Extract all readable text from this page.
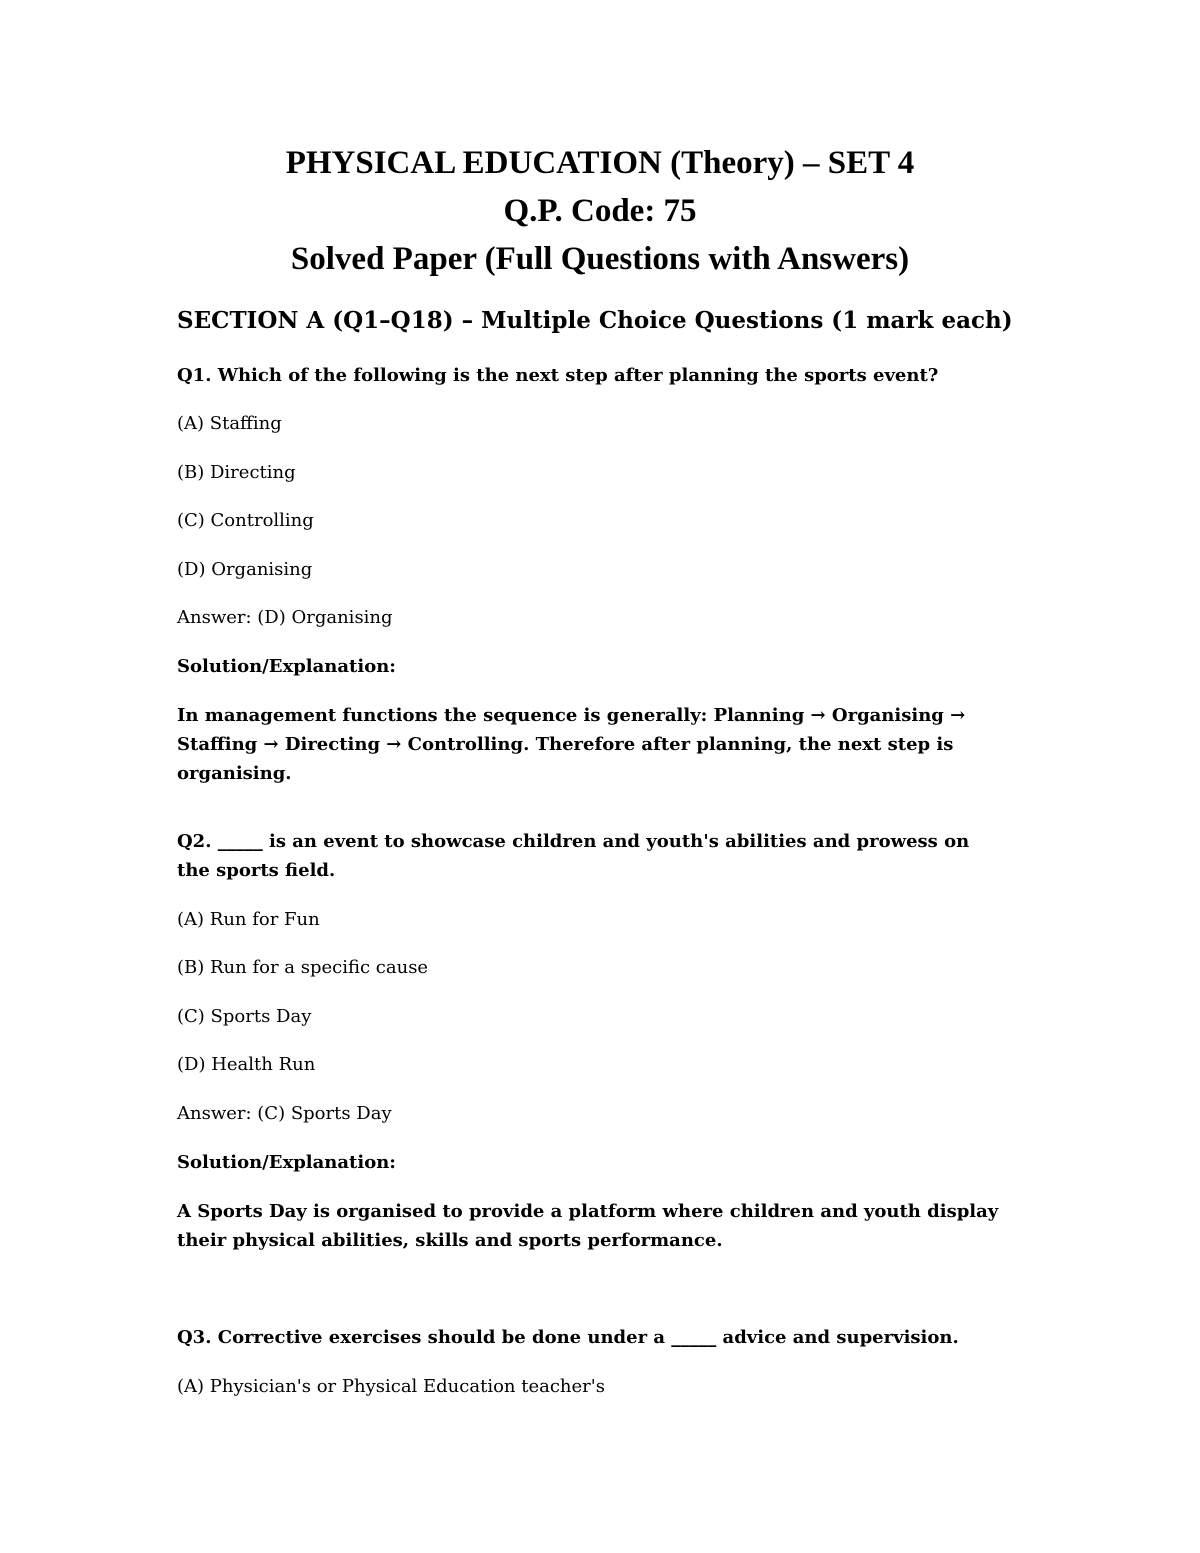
PHYSICAL EDUCATION (Theory) – SET 4
Q.P. Code: 75
Solved Paper (Full Questions with Answers)
SECTION A (Q1–Q18) – Multiple Choice Questions (1 mark each)
Q1. Which of the following is the next step after planning the sports event?
(A) Staffing
(B) Directing
(C) Controlling
(D) Organising
Answer: (D) Organising
Solution/Explanation:
In management functions the sequence is generally: Planning → Organising → Staffing → Directing → Controlling. Therefore after planning, the next step is organising.
Q2. _____ is an event to showcase children and youth's abilities and prowess on the sports field.
(A) Run for Fun
(B) Run for a specific cause
(C) Sports Day
(D) Health Run
Answer: (C) Sports Day
Solution/Explanation:
A Sports Day is organised to provide a platform where children and youth display their physical abilities, skills and sports performance.
Q3. Corrective exercises should be done under a _____ advice and supervision.
(A) Physician's or Physical Education teacher's
